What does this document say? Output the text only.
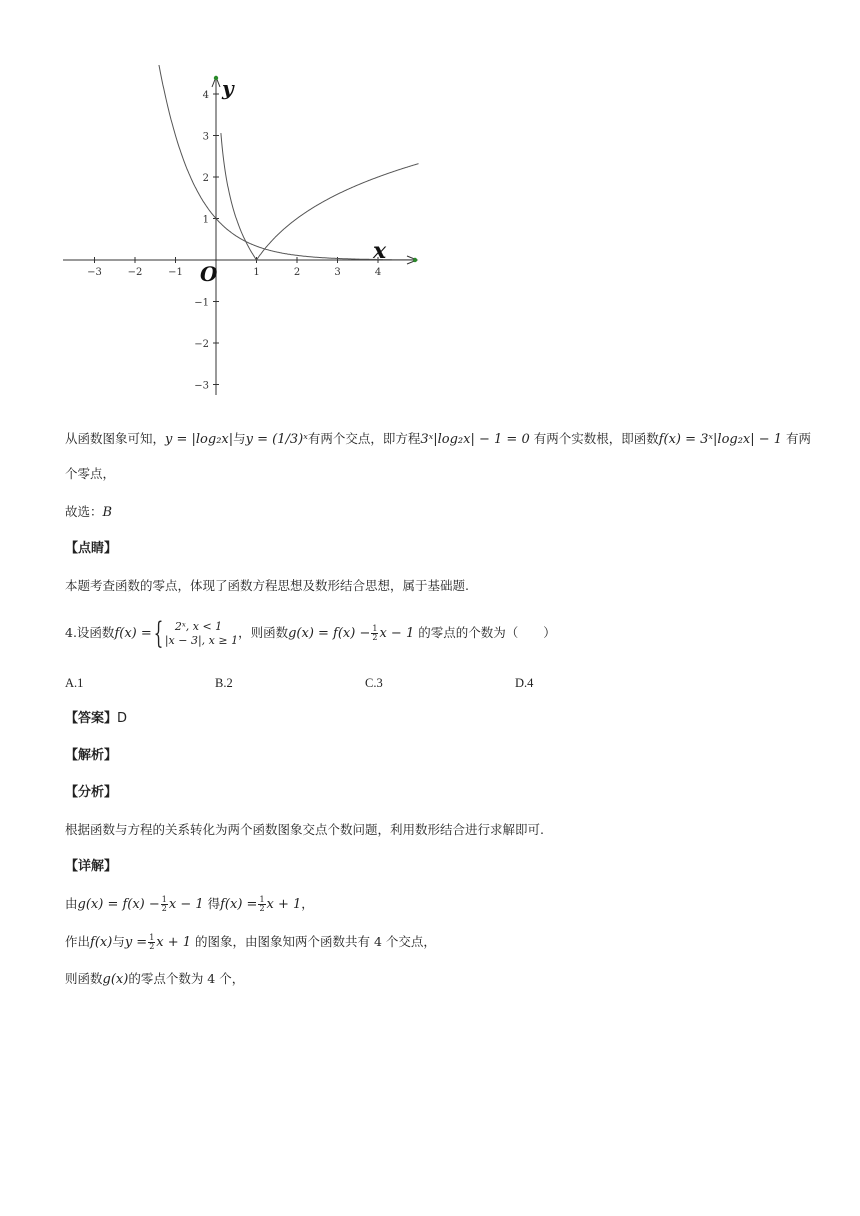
−3	−2	−1	1	2	3	4
4
3
2
1
−1
−2
−3
x
y
O
从函数图象可知，y = |log₂x|与y = (1/3)ˣ有两个交点，即方程3ˣ|log₂x| − 1 = 0 有两个实数根，即函数f(x) = 3ˣ|log₂x| − 1 有两
个零点，
故选：B
【点睛】
本题考查函数的零点，体现了函数方程思想及数形结合思想，属于基础题.
4.设函数f(x) ={	2ˣ, x < 1
|x − 3|, x ≥ 1 ，则函数$g(x) = f(x) - \frac{1}{2}$ x − 1 的零点的个数为（　　）
A.1	B.2	C.3	D.4
【答案】D
【解析】
【分析】
根据函数与方程的关系转化为两个函数图象交点个数问题，利用数形结合进行求解即可.
【详解】
由$g(x) = f(x) - \frac{1}{2}$ x − 1 得$f(x) = \frac{1}{2}$ x + 1，
作出f(x)与$y = \frac{1}{2}$ x + 1 的图象，由图象知两个函数共有 4 个交点，
则函数g(x)的零点个数为 4 个，
